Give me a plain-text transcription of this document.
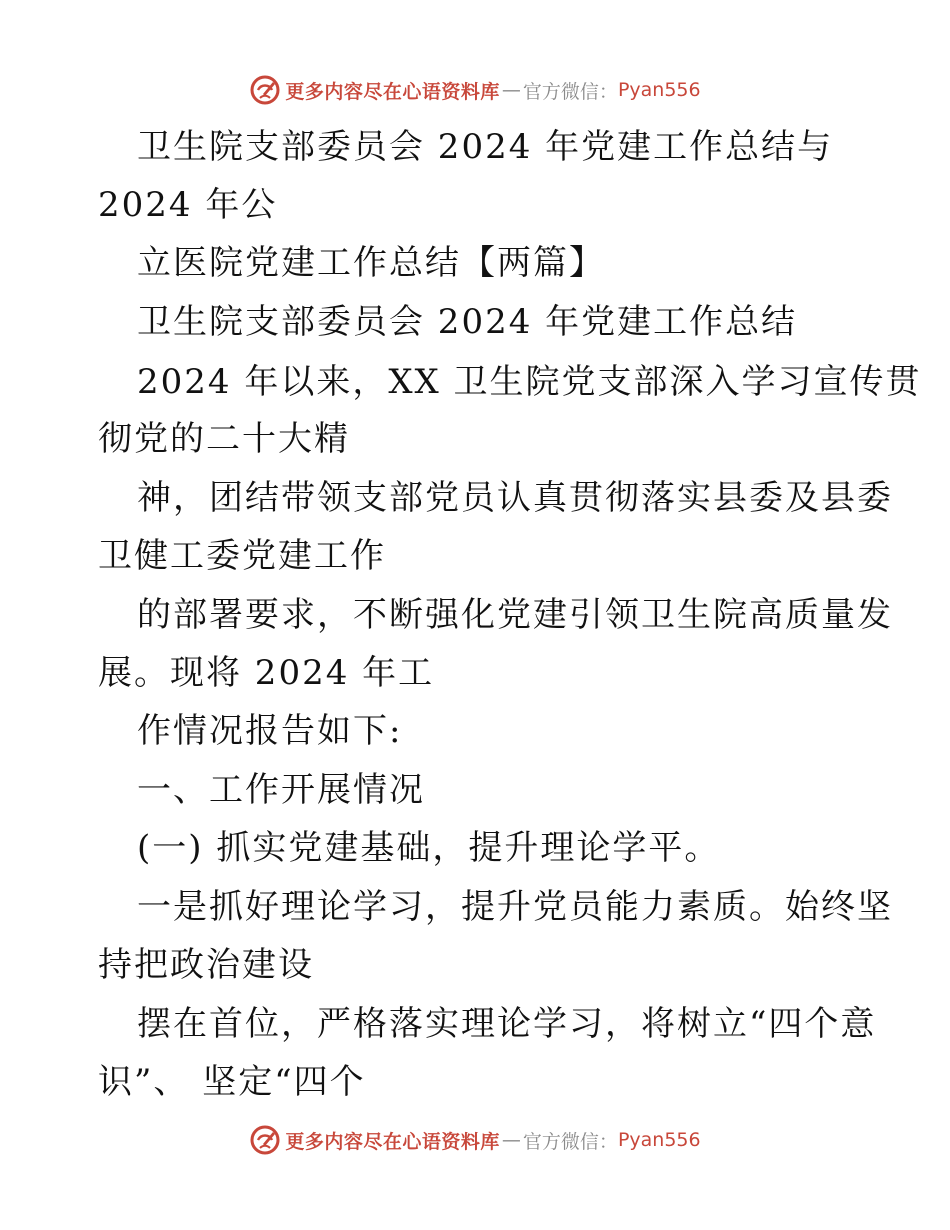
更多内容尽在心语资料库 — 官方微信： Pyan556
卫生院支部委员会 2024 年党建工作总结与
2024 年公
立医院党建工作总结【两篇】
卫生院支部委员会 2024 年党建工作总结
2024 年以来，XX 卫生院党支部深入学习宣传贯
彻党的二十大精
神，团结带领支部党员认真贯彻落实县委及县委
卫健工委党建工作
的部署要求，不断强化党建引领卫生院高质量发
展。现将 2024 年工
作情况报告如下:
一、工作开展情况
(一) 抓实党建基础，提升理论学平。
一是抓好理论学习，提升党员能力素质。始终坚
持把政治建设
摆在首位，严格落实理论学习，将树立“四个意
识”、 坚定“四个
更多内容尽在心语资料库 — 官方微信： Pyan556
